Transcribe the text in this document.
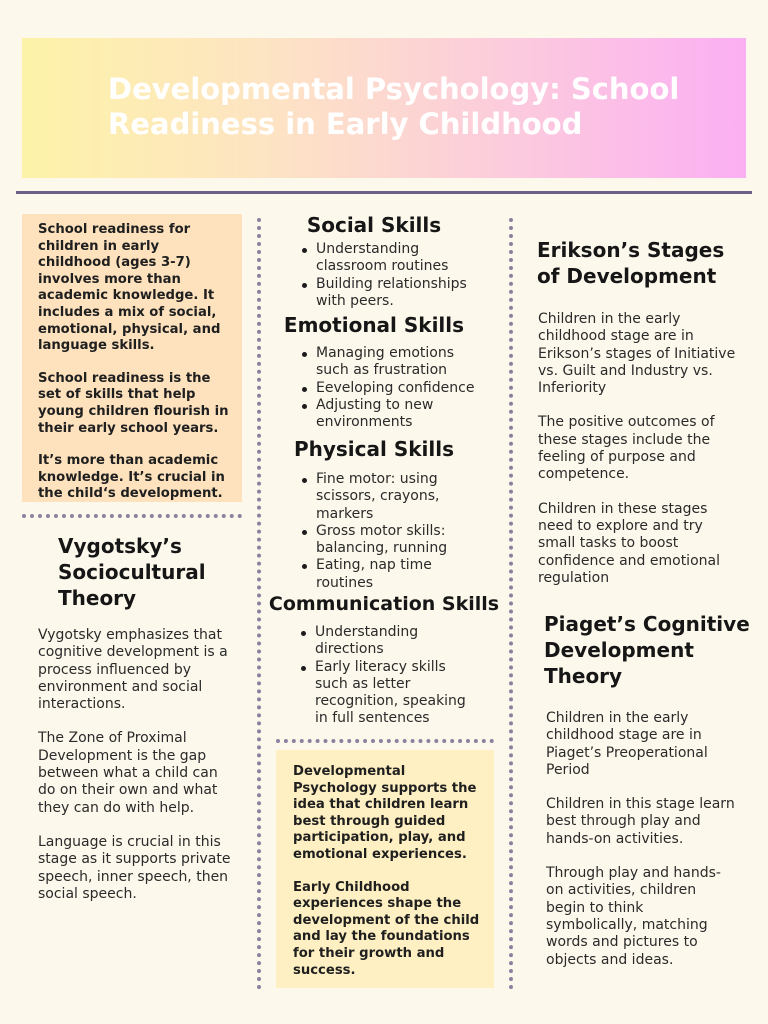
Developmental Psychology: School Readiness in Early Childhood

School readiness for children in early childhood (ages 3-7) involves more than academic knowledge. It includes a mix of social, emotional, physical, and language skills.

School readiness is the set of skills that help young children flourish in their early school years.

It’s more than academic knowledge. It’s crucial in the child‘s development.

Vygotsky’s Sociocultural Theory

Vygotsky emphasizes that cognitive development is a process influenced by environment and social interactions.

The Zone of Proximal Development is the gap between what a child can do on their own and what they can do with help.

Language is crucial in this stage as it supports private speech, inner speech, then social speech.

Social Skills
Understanding classroom routines
Building relationships with peers.
Emotional Skills
Managing emotions such as frustration
Eeveloping confidence
Adjusting to new environments
Physical Skills
Fine motor: using scissors, crayons, markers
Gross motor skills: balancing, running
Eating, nap time routines
Communication Skills
Understanding directions
Early literacy skills such as letter recognition, speaking in full sentences

Developmental Psychology supports the idea that children learn best through guided participation, play, and emotional experiences.

Early Childhood experiences shape the development of the child and lay the foundations for their growth and success.

Erikson’s Stages of Development

Children in the early childhood stage are in Erikson’s stages of Initiative vs. Guilt and Industry vs. Inferiority

The positive outcomes of these stages include the feeling of purpose and competence.

Children in these stages need to explore and try small tasks to boost confidence and emotional regulation

Piaget’s Cognitive Development Theory

Children in the early childhood stage are in Piaget’s Preoperational Period

Children in this stage learn best through play and hands-on activities.

Through play and hands-on activities, children begin to think symbolically, matching words and pictures to objects and ideas.
